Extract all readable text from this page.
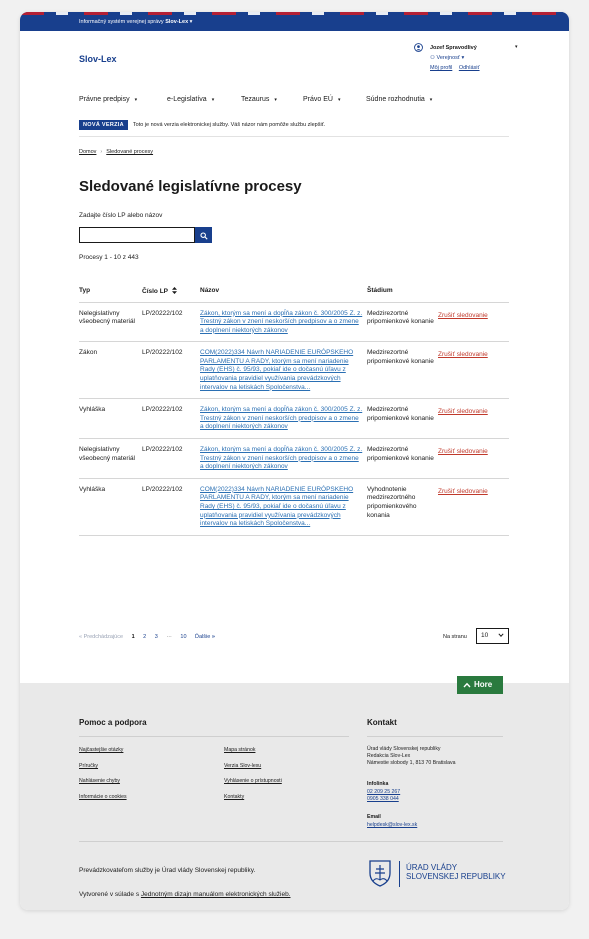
Informačný systém verejnej správy Slov-Lex ▾
Slov-Lex
Jozef Spravodlivý	▾
⚇ Verejnosť ▾
Môj profil Odhlásiť
Právne predpisy ▾	e-Legislatíva ▾	Tezaurus ▾	Právo EÚ ▾	Súdne rozhodnutia ▾
NOVÁ VERZIA Toto je nová verzia elektronickej služby. Váš názor nám pomôže službu zlepšiť.
Domov › Sledované procesy
Sledované legislatívne procesy
Zadajte číslo LP alebo názov
Procesy 1 - 10 z 443
Typ	Číslo LP	Názov	Štádium	
Nelegislatívny všeobecný materiál	LP/20222/102	Zákon, ktorým sa mení a dopĺňa zákon č. 300/2005 Z. z. Trestný zákon v znení neskorších predpisov a o zmene a doplnení niektorých zákonov	Medzirezortné pripomienkové konanie	Zrušiť sledovanie

Zákon	LP/20222/102	COM(2022)334 Návrh NARIADENIE EURÓPSKEHO PARLAMENTU A RADY, ktorým sa mení nariadenie Rady (EHS) č. 95/93, pokiaľ ide o dočasnú úľavu z uplatňovania pravidiel využívania prevádzkových intervalov na letiskách Spoločenstva...	Medzirezortné pripomienkové konanie	Zrušiť sledovanie

Vyhláška	LP/20222/102	Zákon, ktorým sa mení a dopĺňa zákon č. 300/2005 Z. z. Trestný zákon v znení neskorších predpisov a o zmene a doplnení niektorých zákonov	Medzirezortné pripomienkové konanie	Zrušiť sledovanie

Nelegislatívny všeobecný materiál	LP/20222/102	Zákon, ktorým sa mení a dopĺňa zákon č. 300/2005 Z. z. Trestný zákon v znení neskorších predpisov a o zmene a doplnení niektorých zákonov	Medzirezortné pripomienkové konanie	Zrušiť sledovanie

Vyhláška	LP/20222/102	COM(2022)334 Návrh NARIADENIE EURÓPSKEHO PARLAMENTU A RADY, ktorým sa mení nariadenie Rady (EHS) č. 95/93, pokiaľ ide o dočasnú úľavu z uplatňovania pravidiel využívania prevádzkových intervalov na letiskách Spoločenstva...	Vyhodnotenie medzirezortného pripomienkového konania	Zrušiť sledovanie
« Predchádzajúce 1 2 3 ··· 10 Ďalšie »	Na stranu	10
Hore
Pomoc a podpora
Najčastejšie otázky
Príručky
Nahlásenie chyby
Informácie o cookies
Mapa stránok
Verzia Slov-lexu
Vyhlásenie o prístupnosti
Kontakty
Kontakt
Úrad vlády Slovenskej republiky
Redakcia Slov-Lex
Námestie slobody 1, 813 70 Bratislava
Infolinka
02 209 25 267
0905 338 044
Email
helpdesk@slov-lex.sk
Prevádzkovateľom služby je Úrad vlády Slovenskej republiky.
Vytvorené v súlade s Jednotným dizajn manuálom elektronických služieb.
ÚRAD VLÁDY
SLOVENSKEJ REPUBLIKY
